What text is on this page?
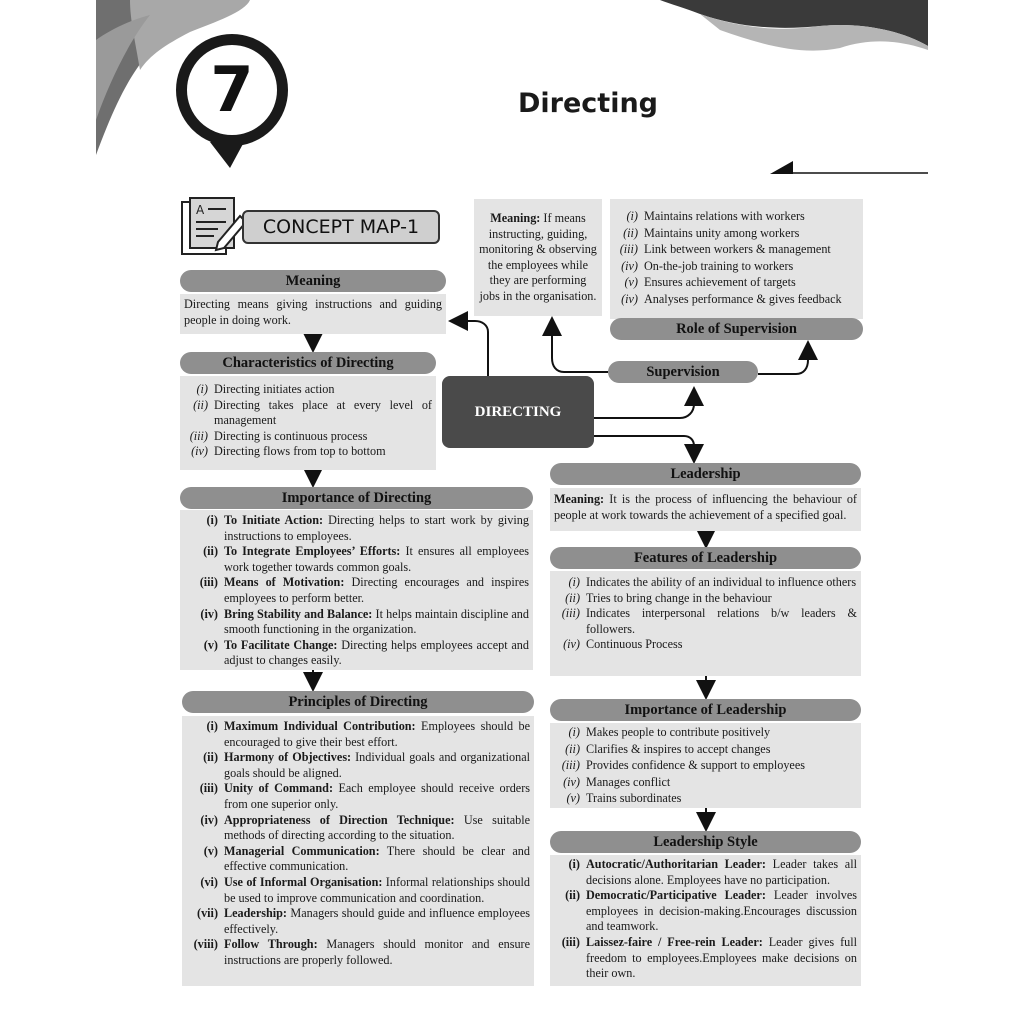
7	Directing
A
CONCEPT MAP-1
DIRECTING
Meaning
Directing means giving instructions and guiding people in doing work.
Characteristics of Directing
(i) Directing initiates action
(ii) Directing takes place at every level of management
(iii) Directing is continuous process
(iv) Directing flows from top to bottom
Importance of Directing
(i) To Initiate Action: Directing helps to start work by giving instructions to employees.
(ii) To Integrate Employees’ Efforts: It ensures all employees work together towards common goals.
(iii) Means of Motivation: Directing encourages and inspires employees to perform better.
(iv) Bring Stability and Balance: It helps maintain discipline and smooth functioning in the organization.
(v) To Facilitate Change: Directing helps employees accept and adjust to changes easily.
Principles of Directing
(i) Maximum Individual Contribution: Employees should be encouraged to give their best effort.
(ii) Harmony of Objectives: Individual goals and organizational goals should be aligned.
(iii) Unity of Command: Each employee should receive orders from one superior only.
(iv) Appropriateness of Direction Technique: Use suitable methods of directing according to the situation.
(v) Managerial Communication: There should be clear and effective communication.
(vi) Use of Informal Organisation: Informal relationships should be used to improve communication and coordination.
(vii) Leadership: Managers should guide and influence employees effectively.
(viii) Follow Through: Managers should monitor and ensure instructions are properly followed.
Meaning: If means instructing, guiding, monitoring & observing the employees while they are performing jobs in the organisation.
(i) Maintains relations with workers
(ii) Maintains unity among workers
(iii) Link between workers & management
(iv) On-the-job training to workers
(v) Ensures achievement of targets
(iv) Analyses performance & gives feedback
Role of Supervision
Supervision
Leadership
Meaning: It is the process of influencing the behaviour of people at work towards the achievement of a specified goal.
Features of Leadership
(i) Indicates the ability of an individual to influence others
(ii) Tries to bring change in the behaviour
(iii) Indicates interpersonal relations b/w leaders & followers.
(iv) Continuous Process
Importance of Leadership
(i) Makes people to contribute positively
(ii) Clarifies & inspires to accept changes
(iii) Provides confidence & support to employees
(iv) Manages conflict
(v) Trains subordinates
Leadership Style
(i) Autocratic/Authoritarian Leader: Leader takes all decisions alone. Employees have no participation.
(ii) Democratic/Participative Leader: Leader involves employees in decision-making.Encourages discussion and teamwork.
(iii) Laissez-faire / Free-rein Leader: Leader gives full freedom to employees.Employees make decisions on their own.
